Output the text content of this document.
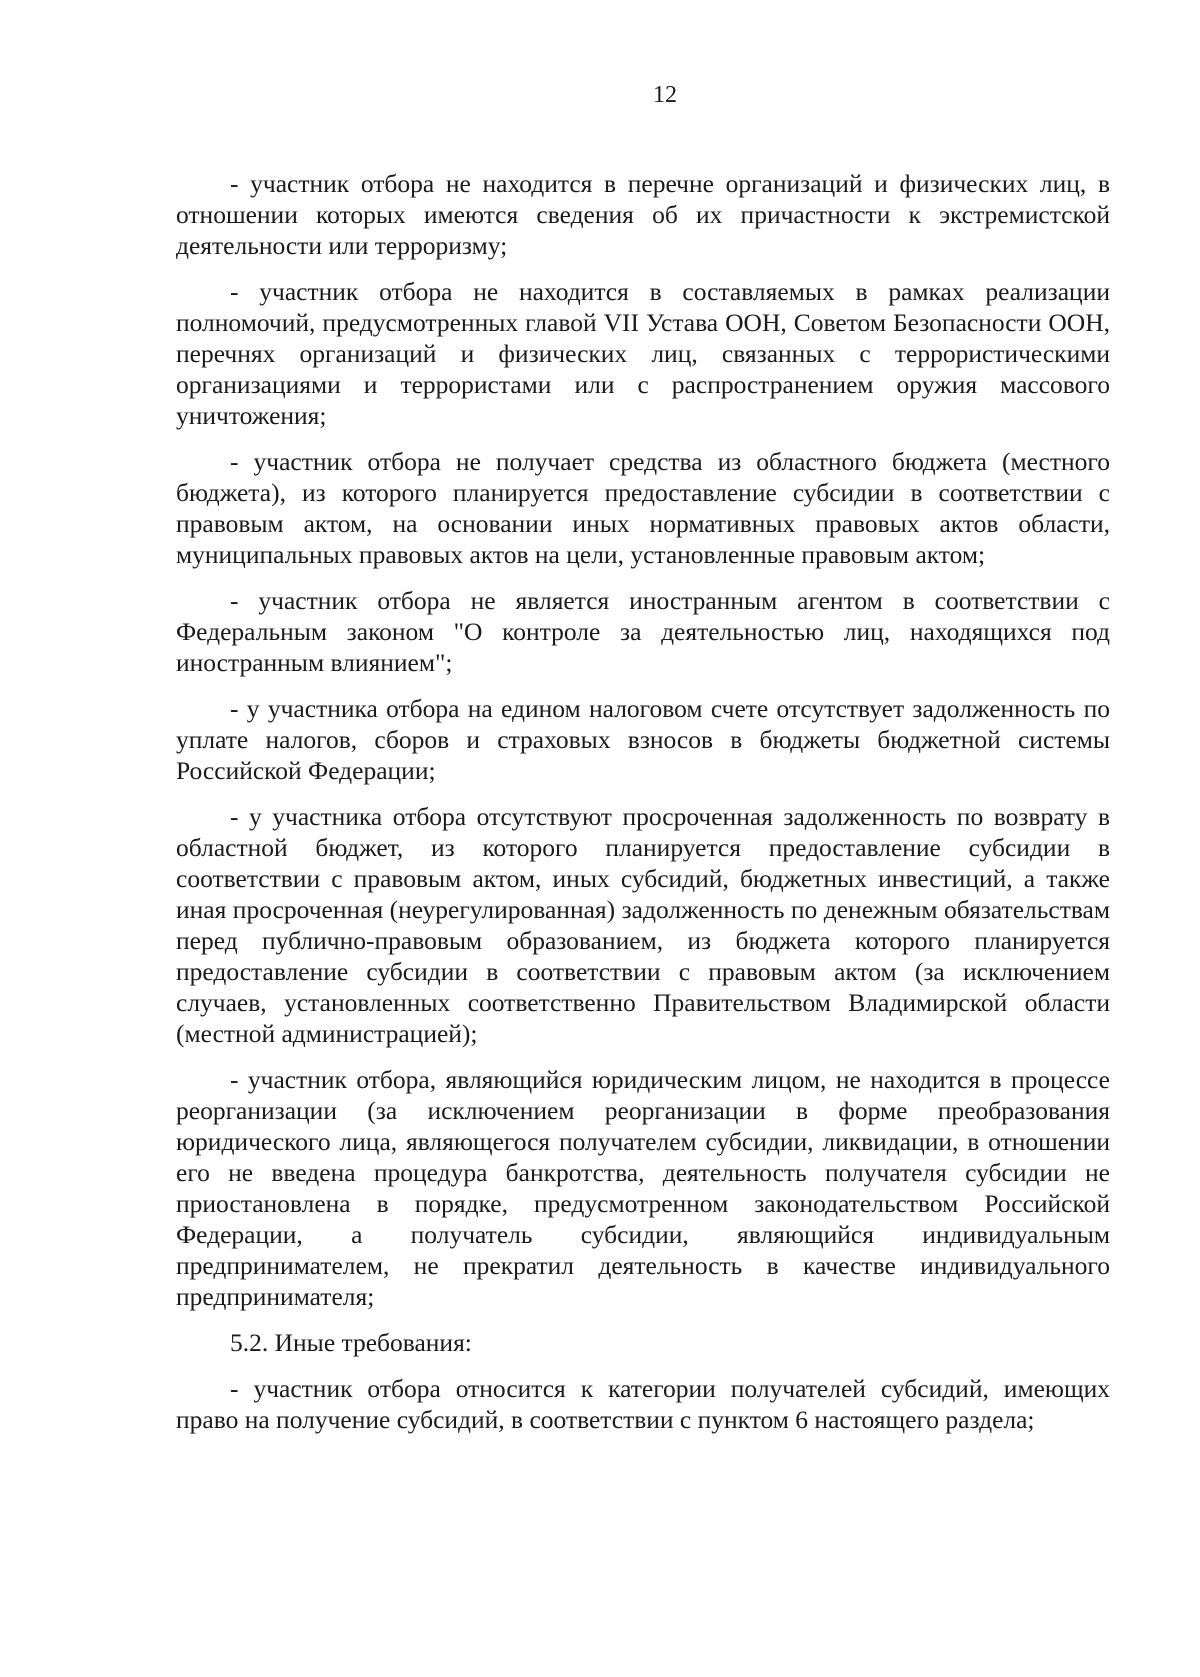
12

- участник отбора не находится в перечне организаций и физических лиц, в отношении которых имеются сведения об их причастности к экстремистской деятельности или терроризму;

- участник отбора не находится в составляемых в рамках реализации полномочий, предусмотренных главой VII Устава ООН, Советом Безопасности ООН, перечнях организаций и физических лиц, связанных с террористическими организациями и террористами или с распространением оружия массового уничтожения;

- участник отбора не получает средства из областного бюджета (местного бюджета), из которого планируется предоставление субсидии в соответствии с правовым актом, на основании иных нормативных правовых актов области, муниципальных правовых актов на цели, установленные правовым актом;

- участник отбора не является иностранным агентом в соответствии с Федеральным законом "О контроле за деятельностью лиц, находящихся под иностранным влиянием";

- у участника отбора на едином налоговом счете отсутствует задолженность по уплате налогов, сборов и страховых взносов в бюджеты бюджетной системы Российской Федерации;

- у участника отбора отсутствуют просроченная задолженность по возврату в областной бюджет, из которого планируется предоставление субсидии в соответствии с правовым актом, иных субсидий, бюджетных инвестиций, а также иная просроченная (неурегулированная) задолженность по денежным обязательствам перед публично-правовым образованием, из бюджета которого планируется предоставление субсидии в соответствии с правовым актом (за исключением случаев, установленных соответственно Правительством Владимирской области (местной администрацией);

- участник отбора, являющийся юридическим лицом, не находится в процессе реорганизации (за исключением реорганизации в форме преобразования юридического лица, являющегося получателем субсидии, ликвидации, в отношении его не введена процедура банкротства, деятельность получателя субсидии не приостановлена в порядке, предусмотренном законодательством Российской Федерации, а получатель субсидии, являющийся индивидуальным предпринимателем, не прекратил деятельность в качестве индивидуального предпринимателя;

5.2. Иные требования:

- участник отбора относится к категории получателей субсидий, имеющих право на получение субсидий, в соответствии с пунктом 6 настоящего раздела;
